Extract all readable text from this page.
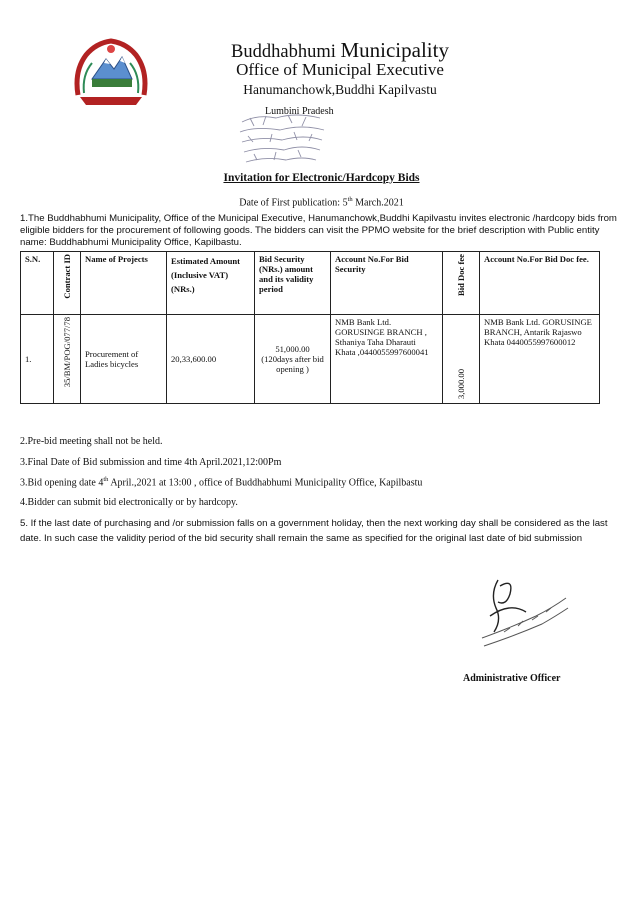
Buddhabhumi Municipality
Office of Municipal Executive
Hanumanchowk,Buddhi Kapilvastu
Lumbini Pradesh
Invitation for Electronic/Hardcopy Bids
Date of First publication: 5th March.2021
1.The Buddhabhumi Municipality, Office of the Municipal Executive, Hanumanchowk,Buddhi Kapilvastu invites electronic /hardcopy bids from eligible bidders for the procurement of following goods. The bidders can visit the PPMO website for the brief description with Public entity name: Buddhabhumi Municipality Office, Kapilbastu.
S.N.	Contract ID	Name of Projects	Estimated Amount (Inclusive VAT) (NRs.)	Bid Security (NRs.) amount and its validity period	Account No.For Bid Security	Bid Doc fee	Account No.For Bid Doc fee.
1.	35/BM/POG/077/78	Procurement of Ladies bicycles	20,33,600.00	51,000.00 (120days after bid opening )	NMB Bank Ltd. GORUSINGE BRANCH , Sthaniya Taha Dharauti Khata ,0440055997600041	3,000.00	NMB Bank Ltd. GORUSINGE BRANCH, Antarik Rajaswo Khata 0440055997600012
2.Pre-bid meeting shall not be held.
3.Final Date of Bid submission and time 4th April.2021,12:00Pm
3.Bid opening date 4th April.,2021 at 13:00 , office of Buddhabhumi Municipality Office, Kapilbastu
4.Bidder can submit bid electronically or by hardcopy.
5. If the last date of purchasing and /or submission falls on a government holiday, then the next working day shall be considered as the last date. In such case the validity period of the bid security shall remain the same as specified for the original last date of bid submission
Administrative Officer
